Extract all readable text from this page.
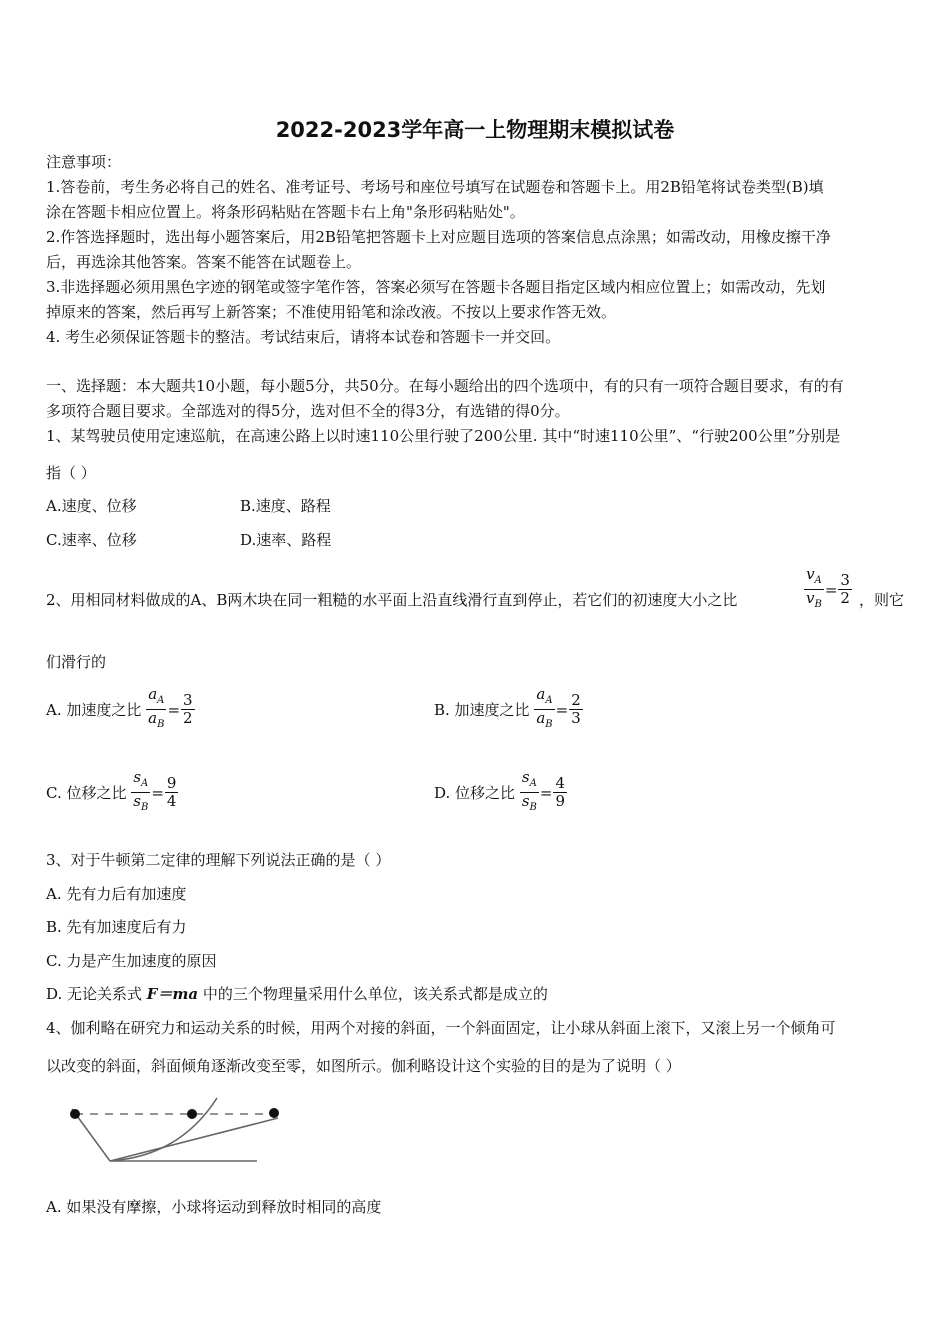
2022-2023学年高一上物理期末模拟试卷
注意事项：
1.答卷前，考生务必将自己的姓名、准考证号、考场号和座位号填写在试题卷和答题卡上。用2B铅笔将试卷类型(B)填
涂在答题卡相应位置上。将条形码粘贴在答题卡右上角"条形码粘贴处"。
2.作答选择题时，选出每小题答案后，用2B铅笔把答题卡上对应题目选项的答案信息点涂黑；如需改动，用橡皮擦干净
后，再选涂其他答案。答案不能答在试题卷上。
3.非选择题必须用黑色字迹的钢笔或签字笔作答，答案必须写在答题卡各题目指定区域内相应位置上；如需改动，先划
掉原来的答案，然后再写上新答案；不准使用铅笔和涂改液。不按以上要求作答无效。
4. 考生必须保证答题卡的整洁。考试结束后，请将本试卷和答题卡一并交回。
一、选择题：本大题共10小题，每小题5分，共50分。在每小题给出的四个选项中，有的只有一项符合题目要求，有的有
多项符合题目要求。全部选对的得5分，选对但不全的得3分，有选错的得0分。
1、某驾驶员使用定速巡航，在高速公路上以时速110公里行驶了200公里. 其中“时速110公里”、“行驶200公里”分别是
指（ ）
A.速度、位移	B.速度、路程
C.速率、位移	D.速率、路程
2、用相同材料做成的A、B两木块在同一粗糙的水平面上沿直线滑行直到停止，若它们的初速度大小之比	$\frac{v_A}{v_B} = \frac{3}{2}$ ，则它
们滑行的
A. 加速度之比 $\frac{a_A}{a_B} = \frac{3}{2}$	B. 加速度之比 $\frac{a_A}{a_B} = \frac{2}{3}$
C. 位移之比 $\frac{s_A}{s_B} = \frac{9}{4}$	D. 位移之比 $\frac{s_A}{s_B} = \frac{4}{9}$
3、对于牛顿第二定律的理解下列说法正确的是（ ）
A. 先有力后有加速度
B. 先有加速度后有力
C. 力是产生加速度的原因
D. 无论关系式 F＝ma 中的三个物理量采用什么单位，该关系式都是成立的
4、伽利略在研究力和运动关系的时候，用两个对接的斜面，一个斜面固定，让小球从斜面上滚下，又滚上另一个倾角可
以改变的斜面，斜面倾角逐渐改变至零，如图所示。伽利略设计这个实验的目的是为了说明（ ）
A. 如果没有摩擦，小球将运动到释放时相同的高度
